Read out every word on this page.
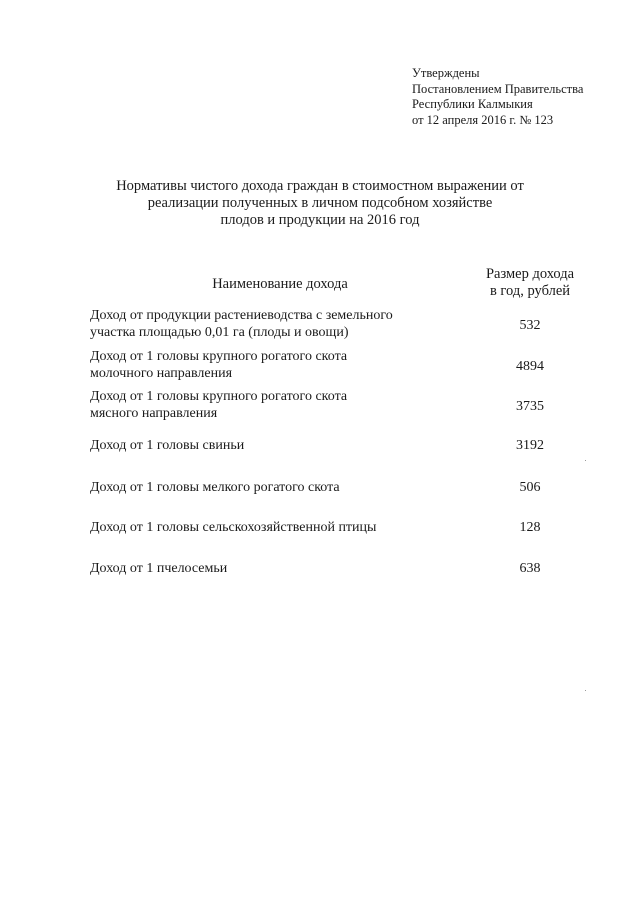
Утверждены
Постановлением Правительства
Республики Калмыкия
от 12 апреля 2016 г. № 123
Нормативы чистого дохода граждан в стоимостном выражении от
реализации полученных в личном подсобном хозяйстве
плодов и продукции на 2016 год
Наименование дохода
Размер дохода
в год, рублей
Доход от продукции растениеводства с земельного
участка площадью 0,01 га (плоды и овощи)	532
Доход от 1 головы крупного рогатого скота
молочного направления	4894
Доход от 1 головы крупного рогатого скота
мясного направления	3735
Доход от 1 головы свиньи	3192
Доход от 1 головы мелкого рогатого скота	506
Доход от 1 головы сельскохозяйственной птицы	128
Доход от 1 пчелосемьи	638
